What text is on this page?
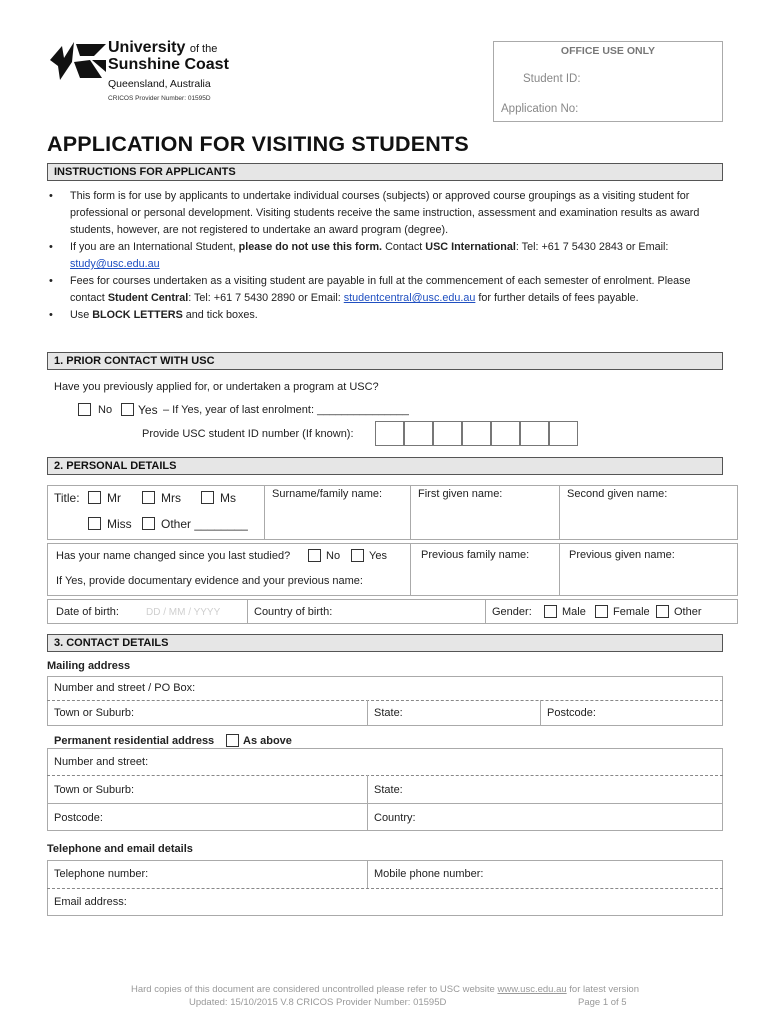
University of the
Sunshine Coast
Queensland, Australia
CRICOS Provider Number: 01595D
OFFICE USE ONLY
Student ID:
Application No:
APPLICATION FOR VISITING STUDENTS
INSTRUCTIONS FOR APPLICANTS
• This form is for use by applicants to undertake individual courses (subjects) or approved course groupings as a visiting student for professional or personal development. Visiting students receive the same instruction, assessment and examination results as award students, however, are not registered to undertake an award program (degree).
• If you are an International Student, please do not use this form. Contact USC International: Tel: +61 7 5430 2843 or Email: study@usc.edu.au
• Fees for courses undertaken as a visiting student are payable in full at the commencement of each semester of enrolment. Please contact Student Central: Tel: +61 7 5430 2890 or Email: studentcentral@usc.edu.au for further details of fees payable.
• Use BLOCK LETTERS and tick boxes.
1. PRIOR CONTACT WITH USC
Have you previously applied for, or undertaken a program at USC?
No Yes – If Yes, year of last enrolment: _______________
Provide USC student ID number (If known):
2. PERSONAL DETAILS
Title: Mr	Mrs	Ms
Miss Other ________
Surname/family name:	First given name:	Second given name:
Has your name changed since you last studied?	No	Yes
If Yes, provide documentary evidence and your previous name:
Previous family name:	Previous given name:
Date of birth:	DD / MM / YYYY	Country of birth:	Gender:	Male Female Other
3. CONTACT DETAILS
Mailing address
Number and street / PO Box:
Town or Suburb:	State:	Postcode:
Permanent residential address	As above
Number and street:
Town or Suburb:	State:
Postcode:	Country:
Telephone and email details
Telephone number:	Mobile phone number:
Email address:
Hard copies of this document are considered uncontrolled please refer to USC website www.usc.edu.au for latest version
Updated: 15/10/2015 V.8 CRICOS Provider Number: 01595D	Page 1 of 5
